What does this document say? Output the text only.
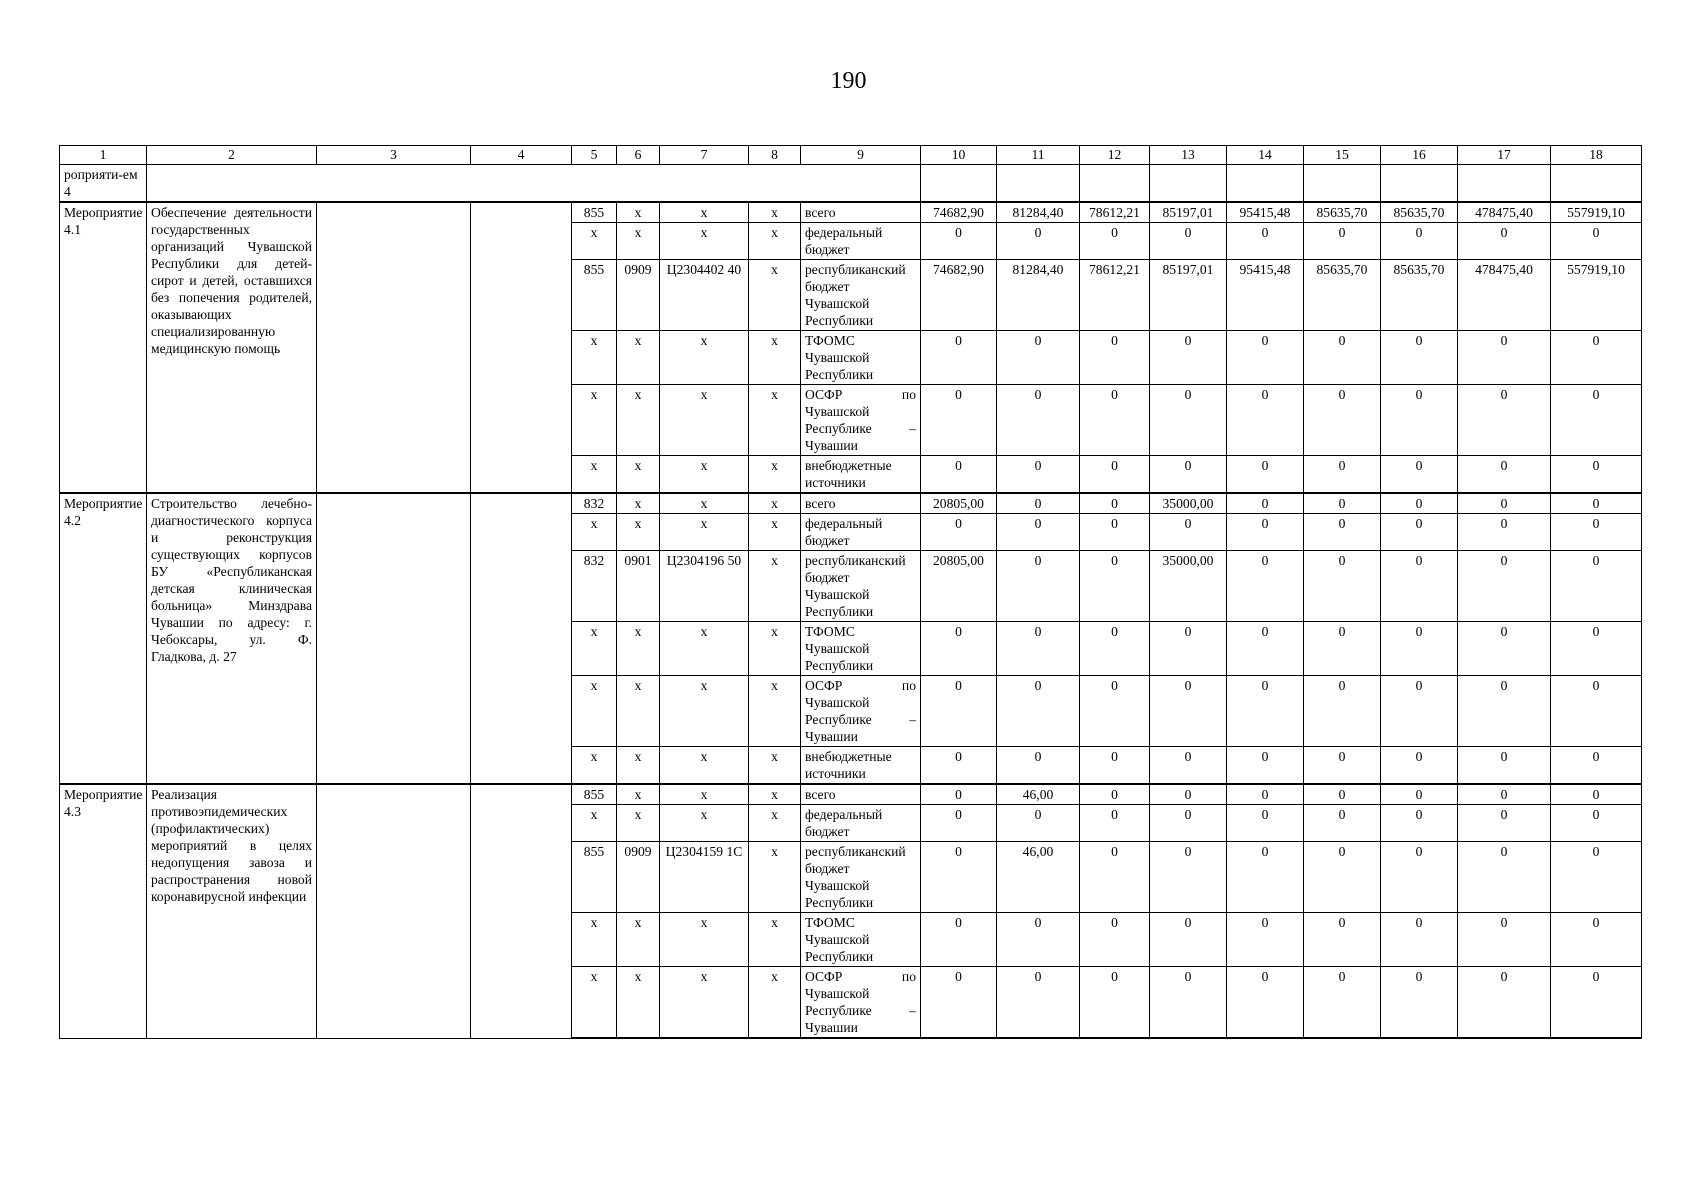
190
1	2	3	4	5	6	7	8	9	10	11	12	13	14	15	16	17	18
роприяти-ем 4																	
Мероприятие 4.1	Обеспечение деятельности государственных организаций Чувашской Республики для детей-сирот и детей, оставшихся без попечения родителей, оказывающих специализированную медицинскую помощь			855	x	x	x	всего	74682,90	81284,40	78612,21	85197,01	95415,48	85635,70	85635,70	478475,40	557919,10
				x	x	x	x	федеральный бюджет	0	0	0	0	0	0	0	0	0
				855	0909	Ц2304402 40	x	республиканский бюджет Чувашской Республики	74682,90	81284,40	78612,21	85197,01	95415,48	85635,70	85635,70	478475,40	557919,10
				x	x	x	x	ТФОМС Чувашской Республики	0	0	0	0	0	0	0	0	0
				x	x	x	x	ОСФР по Чувашской Республике – Чувашии	0	0	0	0	0	0	0	0	0
				x	x	x	x	внебюджетные источники	0	0	0	0	0	0	0	0	0
Мероприятие 4.2	Строительство лечебно-диагностического корпуса и реконструкция существующих корпусов БУ «Республиканская детская клиническая больница» Минздрава Чувашии по адресу: г. Чебоксары, ул. Ф. Гладкова, д. 27			832	x	x	x	всего	20805,00	0	0	35000,00	0	0	0	0	0
				x	x	x	x	федеральный бюджет	0	0	0	0	0	0	0	0	0
				832	0901	Ц2304196 50	x	республиканский бюджет Чувашской Республики	20805,00	0	0	35000,00	0	0	0	0	0
				x	x	x	x	ТФОМС Чувашской Республики	0	0	0	0	0	0	0	0	0
				x	x	x	x	ОСФР по Чувашской Республике – Чувашии	0	0	0	0	0	0	0	0	0
				x	x	x	x	внебюджетные источники	0	0	0	0	0	0	0	0	0
Мероприятие 4.3	Реализация противоэпидемических (профилактических) мероприятий в целях недопущения завоза и распространения новой коронавирусной инфекции			855	x	x	x	всего	0	46,00	0	0	0	0	0	0	0
				x	x	x	x	федеральный бюджет	0	0	0	0	0	0	0	0	0
				855	0909	Ц2304159 1С	x	республиканский бюджет Чувашской Республики	0	46,00	0	0	0	0	0	0	0
				x	x	x	x	ТФОМС Чувашской Республики	0	0	0	0	0	0	0	0	0
				x	x	x	x	ОСФР по Чувашской Республике – Чувашии	0	0	0	0	0	0	0	0	0
